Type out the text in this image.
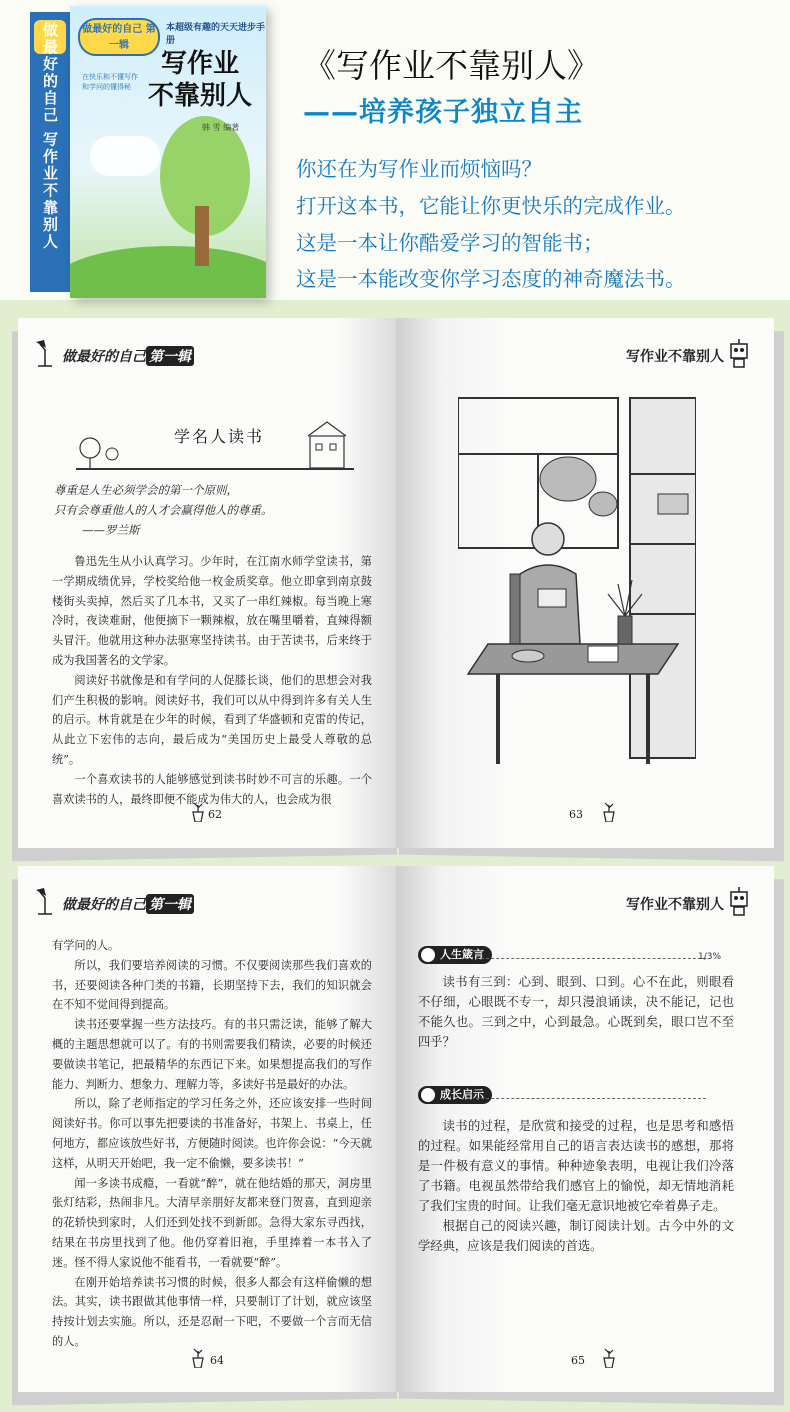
做最好的自己 写作业不靠别人	做最好的自己 第一辑
本超级有趣的天天进步手册
写作业
不靠别人
在快乐和不懂写作 和学问的懂得秘
韩 雪 编著
《写作业不靠别人》
——培养孩子独立自主
你还在为写作业而烦恼吗？
打开这本书，它能让你更快乐的完成作业。
这是一本让你酷爱学习的智能书；
这是一本能改变你学习态度的神奇魔法书。
做最好的自己 第一辑
学名人读书
尊重是人生必须学会的第一个原则，
只有会尊重他人的人才会赢得他人的尊重。
——罗兰斯

鲁迅先生从小认真学习。少年时，在江南水师学堂读书，第一学期成绩优异，学校奖给他一枚金质奖章。他立即拿到南京鼓楼街头卖掉，然后买了几本书，又买了一串红辣椒。每当晚上寒冷时，夜读难耐，他便摘下一颗辣椒，放在嘴里嚼着，直辣得额头冒汗。他就用这种办法驱寒坚持读书。由于苦读书，后来终于成为我国著名的文学家。

阅读好书就像是和有学问的人促膝长谈，他们的思想会对我们产生积极的影响。阅读好书，我们可以从中得到许多有关人生的启示。林肯就是在少年的时候，看到了华盛顿和克雷的传记，从此立下宏伟的志向，最后成为“美国历史上最受人尊敬的总统”。

一个喜欢读书的人能够感觉到读书时妙不可言的乐趣。一个喜欢读书的人，最终即便不能成为伟大的人，也会成为很

62
写作业不靠别人
63
做最好的自己 第一辑

有学问的人。

所以，我们要培养阅读的习惯。不仅要阅读那些我们喜欢的书，还要阅读各种门类的书籍，长期坚持下去，我们的知识就会在不知不觉间得到提高。

读书还要掌握一些方法技巧。有的书只需泛读，能够了解大概的主题思想就可以了。有的书则需要我们精读，必要的时候还要做读书笔记，把最精华的东西记下来。如果想提高我们的写作能力、判断力、想象力、理解力等，多读好书是最好的办法。

所以，除了老师指定的学习任务之外，还应该安排一些时间阅读好书。你可以事先把要读的书准备好，书架上、书桌上，任何地方，都应该放些好书，方便随时阅读。也许你会说：“今天就这样，从明天开始吧，我一定不偷懒，要多读书！”

闻一多读书成瘾，一看就“醉”，就在他结婚的那天，洞房里张灯结彩，热闹非凡。大清早亲朋好友都来登门贺喜，直到迎亲的花轿快到家时，人们还到处找不到新郎。急得大家东寻西找，结果在书房里找到了他。他仍穿着旧袍，手里捧着一本书入了迷。怪不得人家说他不能看书，一看就要“醉”。

在刚开始培养读书习惯的时候，很多人都会有这样偷懒的想法。其实，读书跟做其他事情一样，只要制订了计划，就应该坚持按计划去实施。所以，还是忍耐一下吧，不要做一个言而无信的人。

64
写作业不靠别人
人生箴言	1/3%

读书有三到：心到、眼到、口到。心不在此，则眼看不仔细，心眼既不专一，却只漫浪诵读，决不能记，记也不能久也。三到之中，心到最急。心既到矣，眼口岂不至四乎？

成长启示

读书的过程，是欣赏和接受的过程，也是思考和感悟的过程。如果能经常用自己的语言表达读书的感想，那将是一件极有意义的事情。种种迹象表明，电视让我们冷落了书籍。电视虽然带给我们感官上的愉悦，却无情地消耗了我们宝贵的时间。让我们毫无意识地被它牵着鼻子走。

根据自己的阅读兴趣，制订阅读计划。古今中外的文学经典，应该是我们阅读的首选。

65
